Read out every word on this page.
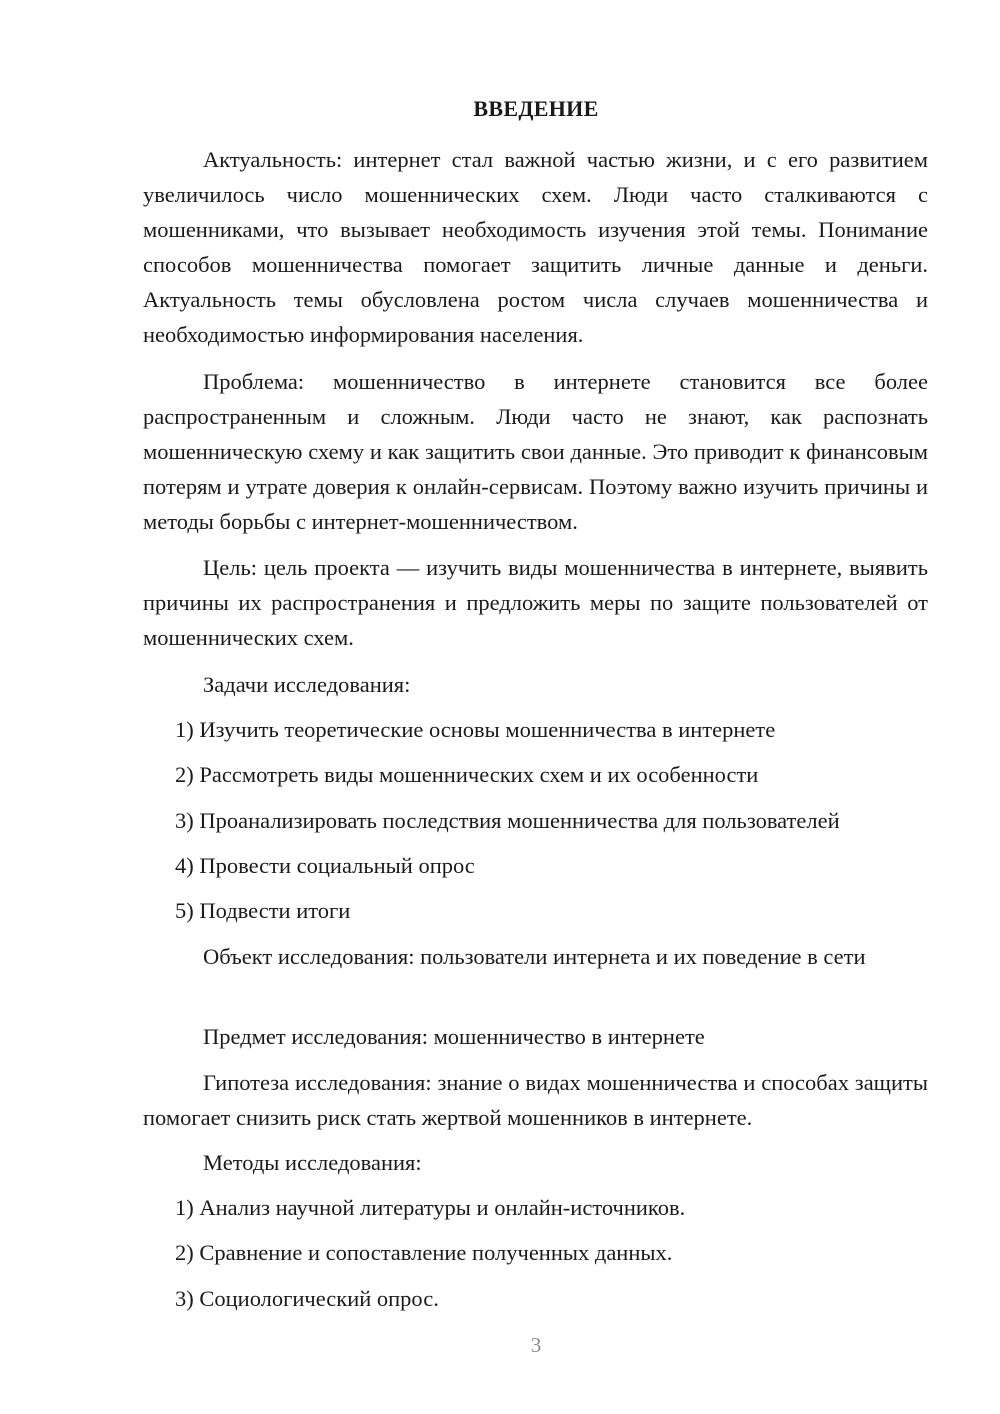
ВВЕДЕНИЕ

Актуальность: интернет стал важной частью жизни, и с его развитием увеличилось число мошеннических схем. Люди часто сталкиваются с мошенниками, что вызывает необходимость изучения этой темы. Понимание способов мошенничества помогает защитить личные данные и деньги. Актуальность темы обусловлена ростом числа случаев мошенничества и необходимостью информирования населения.

Проблема: мошенничество в интернете становится все более распространенным и сложным. Люди часто не знают, как распознать мошенническую схему и как защитить свои данные. Это приводит к финансовым потерям и утрате доверия к онлайн-сервисам. Поэтому важно изучить причины и методы борьбы с интернет-мошенничеством.

Цель: цель проекта — изучить виды мошенничества в интернете, выявить причины их распространения и предложить меры по защите пользователей от мошеннических схем.

Задачи исследования:
1) Изучить теоретические основы мошенничества в интернете
2) Рассмотреть виды мошеннических схем и их особенности
3) Проанализировать последствия мошенничества для пользователей
4) Провести социальный опрос
5) Подвести итоги

Объект исследования: пользователи интернета и их поведение в сети

Предмет исследования: мошенничество в интернете

Гипотеза исследования: знание о видах мошенничества и способах защиты помогает снизить риск стать жертвой мошенников в интернете.

Методы исследования:
1) Анализ научной литературы и онлайн-источников.
2) Сравнение и сопоставление полученных данных.
3) Социологический опрос.
3
